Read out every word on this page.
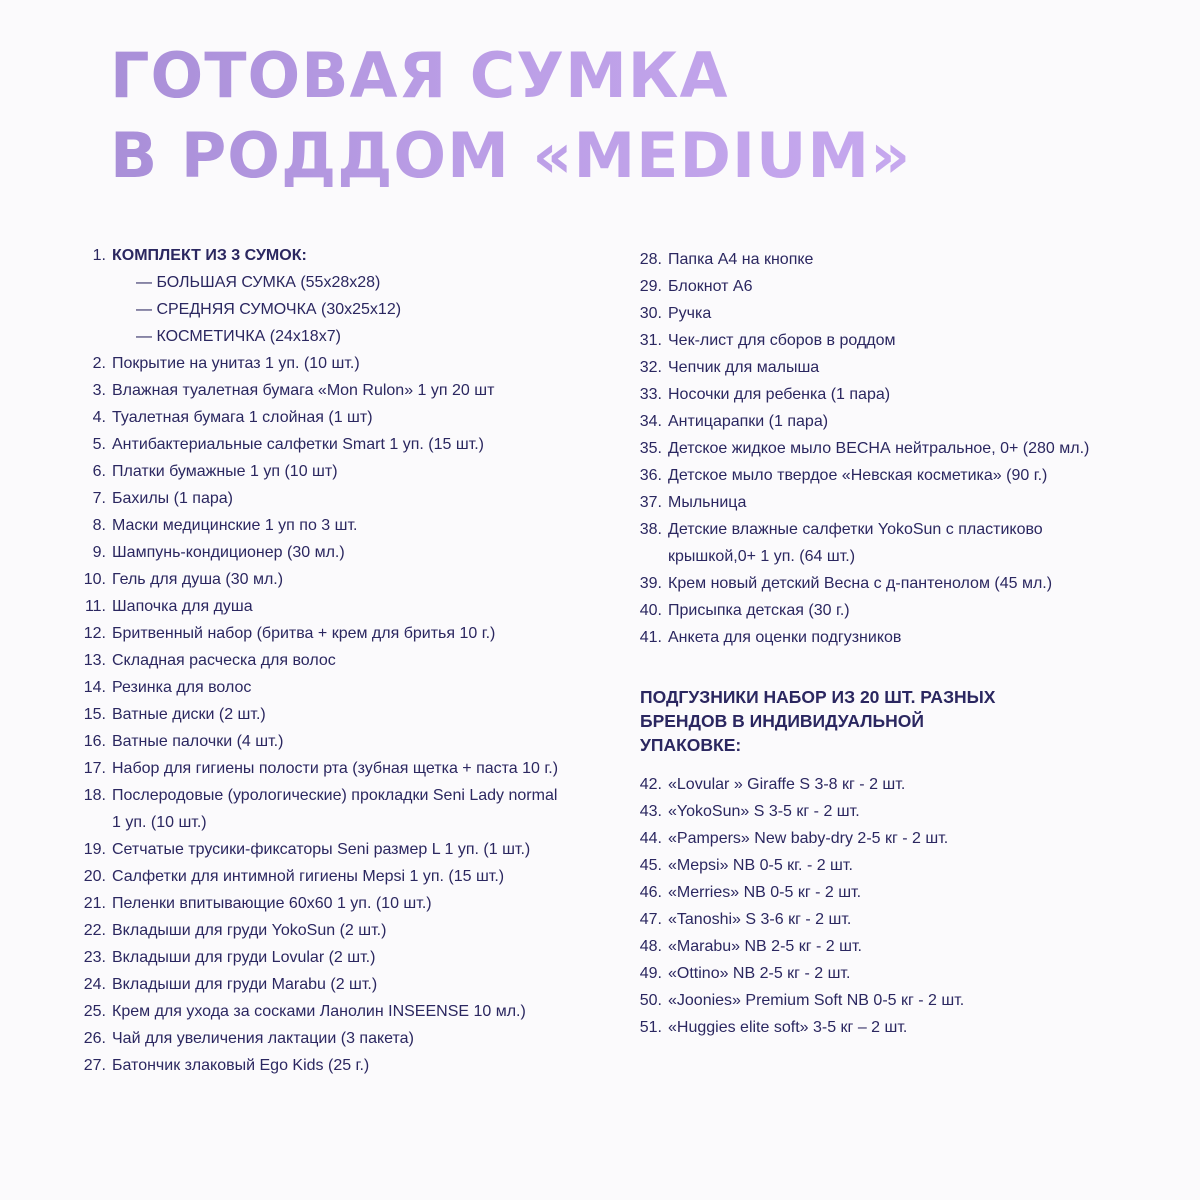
ГОТОВАЯ СУМКА
В РОДДОМ «MEDIUM»
1. КОМПЛЕКТ ИЗ 3 СУМОК:
— БОЛЬШАЯ СУМКА (55x28x28)
— СРЕДНЯЯ СУМОЧКА (30x25x12)
— КОСМЕТИЧКА (24x18x7)
2. Покрытие на унитаз 1 уп. (10 шт.)
3. Влажная туалетная бумага «Mon Rulon» 1 уп 20 шт
4. Туалетная бумага 1 слойная (1 шт)
5. Антибактериальные салфетки Smart 1 уп. (15 шт.)
6. Платки бумажные 1 уп (10 шт)
7. Бахилы (1 пара)
8. Маски медицинские 1 уп по 3 шт.
9. Шампунь-кондиционер (30 мл.)
10. Гель для душа (30 мл.)
11. Шапочка для душа
12. Бритвенный набор (бритва + крем для бритья 10 г.)
13. Складная расческа для волос
14. Резинка для волос
15. Ватные диски (2 шт.)
16. Ватные палочки (4 шт.)
17. Набор для гигиены полости рта (зубная щетка + паста 10 г.)
18. Послеродовые (урологические) прокладки Seni Lady normal
1 уп. (10 шт.)
19. Сетчатые трусики-фиксаторы Seni размер L 1 уп. (1 шт.)
20. Салфетки для интимной гигиены Mepsi 1 уп. (15 шт.)
21. Пеленки впитывающие 60x60 1 уп. (10 шт.)
22. Вкладыши для груди YokoSun (2 шт.)
23. Вкладыши для груди Lovular (2 шт.)
24. Вкладыши для груди Marabu (2 шт.)
25. Крем для ухода за сосками Ланолин INSEENSE 10 мл.)
26. Чай для увеличения лактации (3 пакета)
27. Батончик злаковый Ego Kids (25 г.)
28. Папка А4 на кнопке
29. Блокнот А6
30. Ручка
31. Чек-лист для сборов в роддом
32. Чепчик для малыша
33. Носочки для ребенка (1 пара)
34. Антицарапки (1 пара)
35. Детское жидкое мыло ВЕСНА нейтральное, 0+ (280 мл.)
36. Детское мыло твердое «Невская косметика» (90 г.)
37. Мыльница
38. Детские влажные салфетки YokoSun с пластиково
крышкой,0+ 1 уп. (64 шт.)
39. Крем новый детский Весна с д-пантенолом (45 мл.)
40. Присыпка детская (30 г.)
41. Анкета для оценки подгузников
ПОДГУЗНИКИ НАБОР ИЗ 20 ШТ. РАЗНЫХ
БРЕНДОВ В ИНДИВИДУАЛЬНОЙ
УПАКОВКЕ:
42. «Lovular » Giraffe S 3-8 кг - 2 шт.
43. «YokoSun» S 3-5 кг - 2 шт.
44. «Pampers» New baby-dry 2-5 кг - 2 шт.
45. «Mepsi» NB 0-5 кг. - 2 шт.
46. «Merries» NB 0-5 кг - 2 шт.
47. «Tanoshi» S 3-6 кг - 2 шт.
48. «Marabu» NB 2-5 кг - 2 шт.
49. «Ottino» NB 2-5 кг - 2 шт.
50. «Joonies» Premium Soft NB 0-5 кг - 2 шт.
51. «Huggies elite soft» 3-5 кг – 2 шт.
